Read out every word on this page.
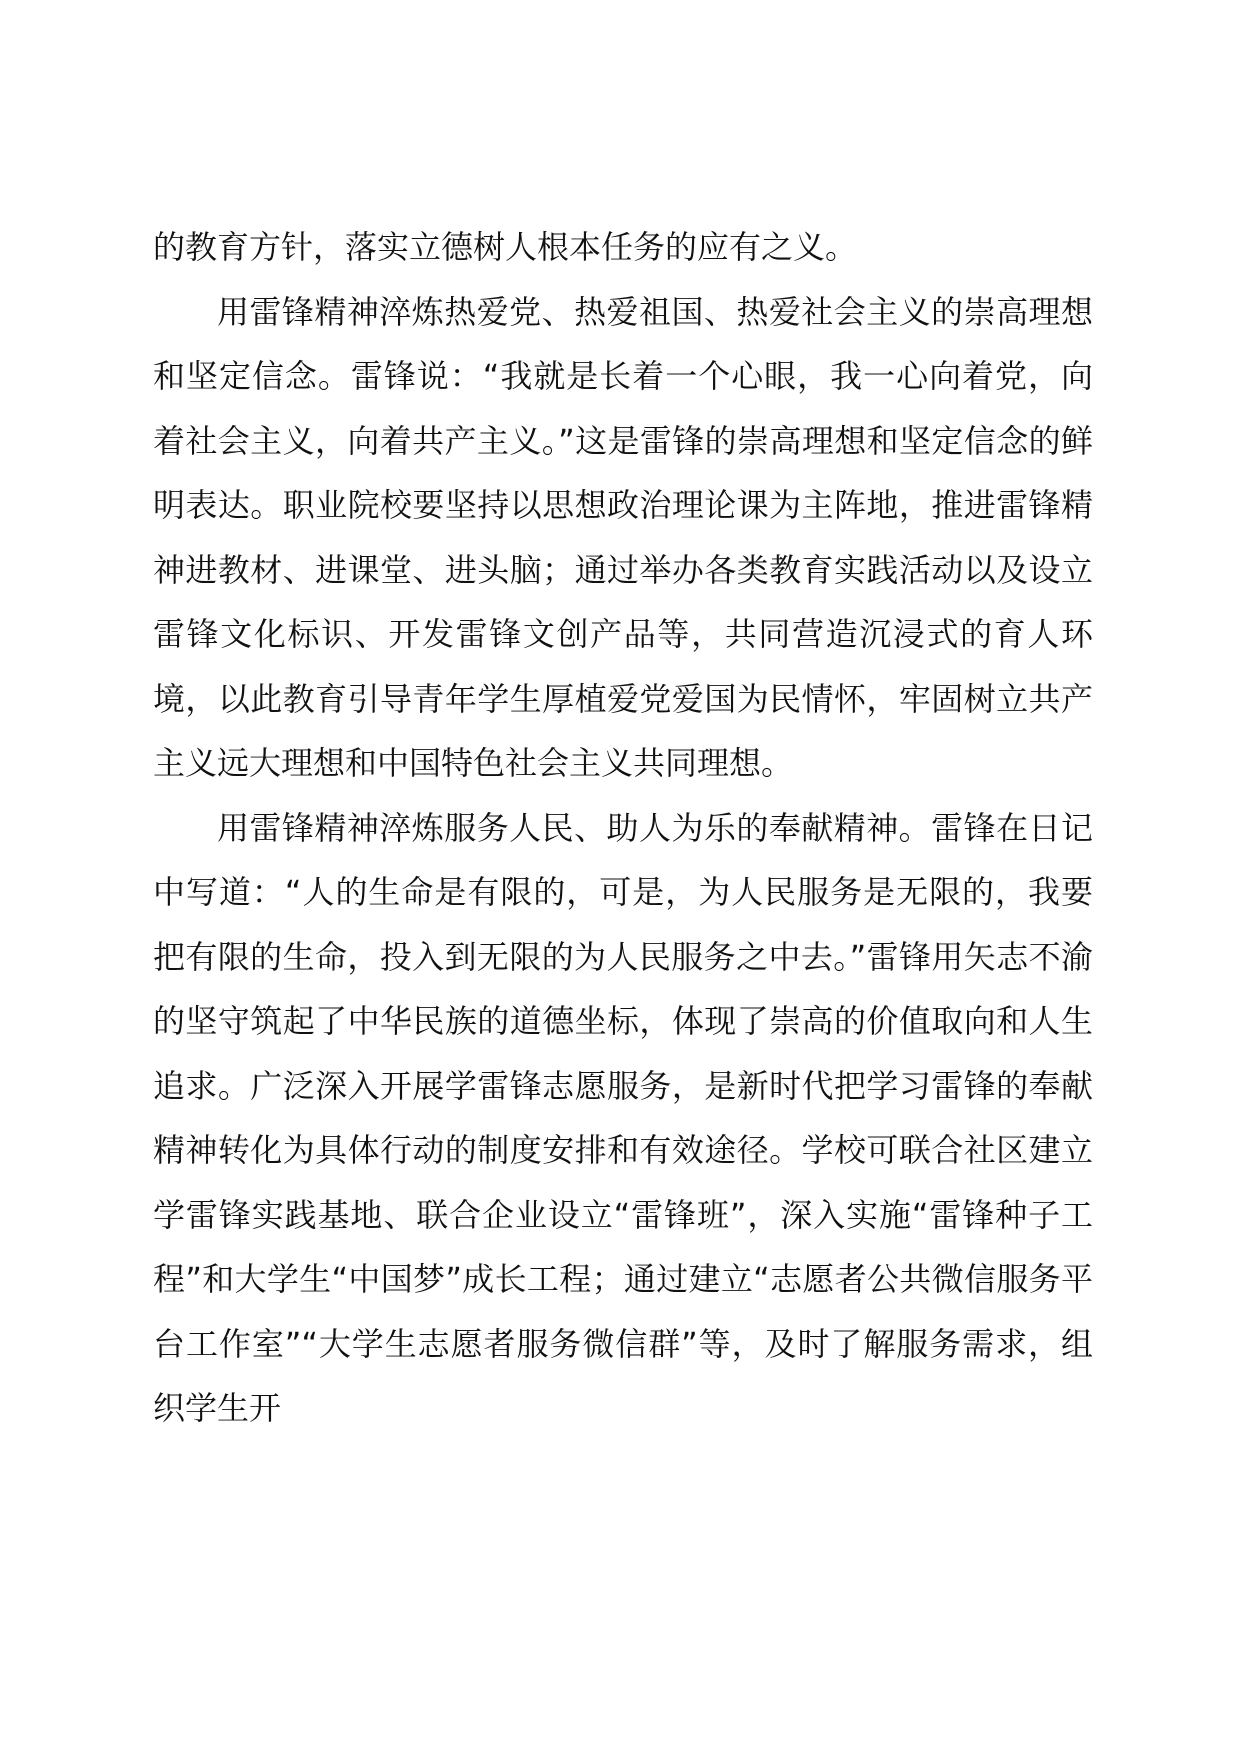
的教育方针，落实立德树人根本任务的应有之义。

用雷锋精神淬炼热爱党、热爱祖国、热爱社会主义的崇高理想和坚定信念。雷锋说：“我就是长着一个心眼，我一心向着党，向着社会主义，向着共产主义。”这是雷锋的崇高理想和坚定信念的鲜明表达。职业院校要坚持以思想政治理论课为主阵地，推进雷锋精神进教材、进课堂、进头脑；通过举办各类教育实践活动以及设立雷锋文化标识、开发雷锋文创产品等，共同营造沉浸式的育人环境，以此教育引导青年学生厚植爱党爱国为民情怀，牢固树立共产主义远大理想和中国特色社会主义共同理想。

用雷锋精神淬炼服务人民、助人为乐的奉献精神。雷锋在日记中写道：“人的生命是有限的，可是，为人民服务是无限的，我要把有限的生命，投入到无限的为人民服务之中去。”雷锋用矢志不渝的坚守筑起了中华民族的道德坐标，体现了崇高的价值取向和人生追求。广泛深入开展学雷锋志愿服务，是新时代把学习雷锋的奉献精神转化为具体行动的制度安排和有效途径。学校可联合社区建立学雷锋实践基地、联合企业设立“雷锋班”，深入实施“雷锋种子工程”和大学生“中国梦”成长工程；通过建立“志愿者公共微信服务平台工作室”“大学生志愿者服务微信群”等，及时了解服务需求，组织学生开
